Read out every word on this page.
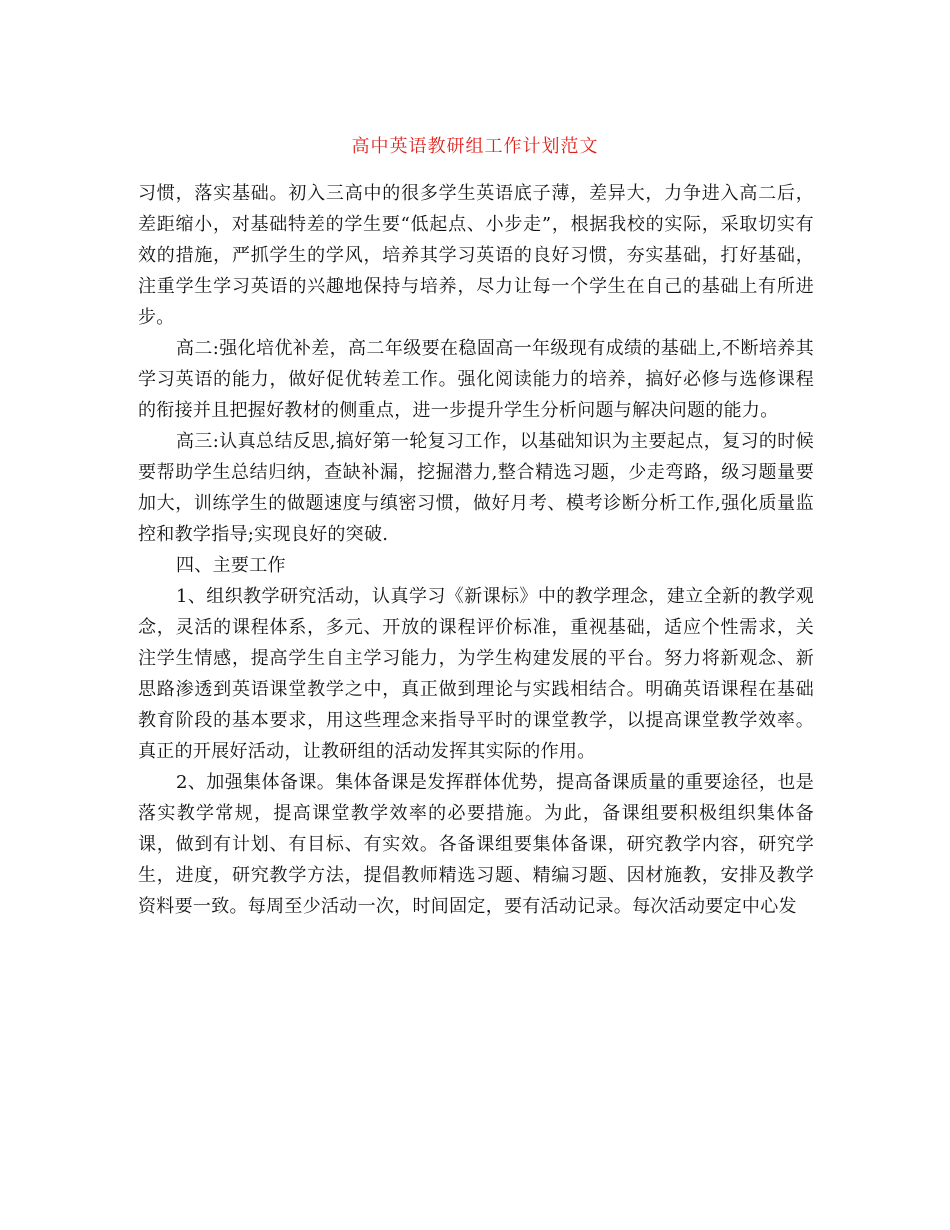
高中英语教研组工作计划范文

习惯，落实基础。初入三高中的很多学生英语底子薄，差异大，力争进入高二后，差距缩小，对基础特差的学生要“低起点、小步走”，根据我校的实际，采取切实有效的措施，严抓学生的学风，培养其学习英语的良好习惯，夯实基础，打好基础，注重学生学习英语的兴趣地保持与培养，尽力让每一个学生在自己的基础上有所进步。

高二:强化培优补差，高二年级要在稳固高一年级现有成绩的基础上,不断培养其学习英语的能力，做好促优转差工作。强化阅读能力的培养，搞好必修与选修课程的衔接并且把握好教材的侧重点，进一步提升学生分析问题与解决问题的能力。

高三:认真总结反思,搞好第一轮复习工作，以基础知识为主要起点，复习的时候要帮助学生总结归纳，查缺补漏，挖掘潜力,整合精选习题，少走弯路，级习题量要加大，训练学生的做题速度与缜密习惯，做好月考、模考诊断分析工作,强化质量监控和教学指导;实现良好的突破.

四、主要工作

1、组织教学研究活动，认真学习《新课标》中的教学理念，建立全新的教学观念，灵活的课程体系，多元、开放的课程评价标准，重视基础，适应个性需求，关注学生情感，提高学生自主学习能力，为学生构建发展的平台。努力将新观念、新思路渗透到英语课堂教学之中，真正做到理论与实践相结合。明确英语课程在基础教育阶段的基本要求，用这些理念来指导平时的课堂教学，以提高课堂教学效率。真正的开展好活动，让教研组的活动发挥其实际的作用。

2、加强集体备课。集体备课是发挥群体优势，提高备课质量的重要途径，也是落实教学常规，提高课堂教学效率的必要措施。为此，备课组要积极组织集体备课，做到有计划、有目标、有实效。各备课组要集体备课，研究教学内容，研究学生，进度，研究教学方法，提倡教师精选习题、精编习题、因材施教，安排及教学资料要一致。每周至少活动一次，时间固定，要有活动记录。每次活动要定中心发
